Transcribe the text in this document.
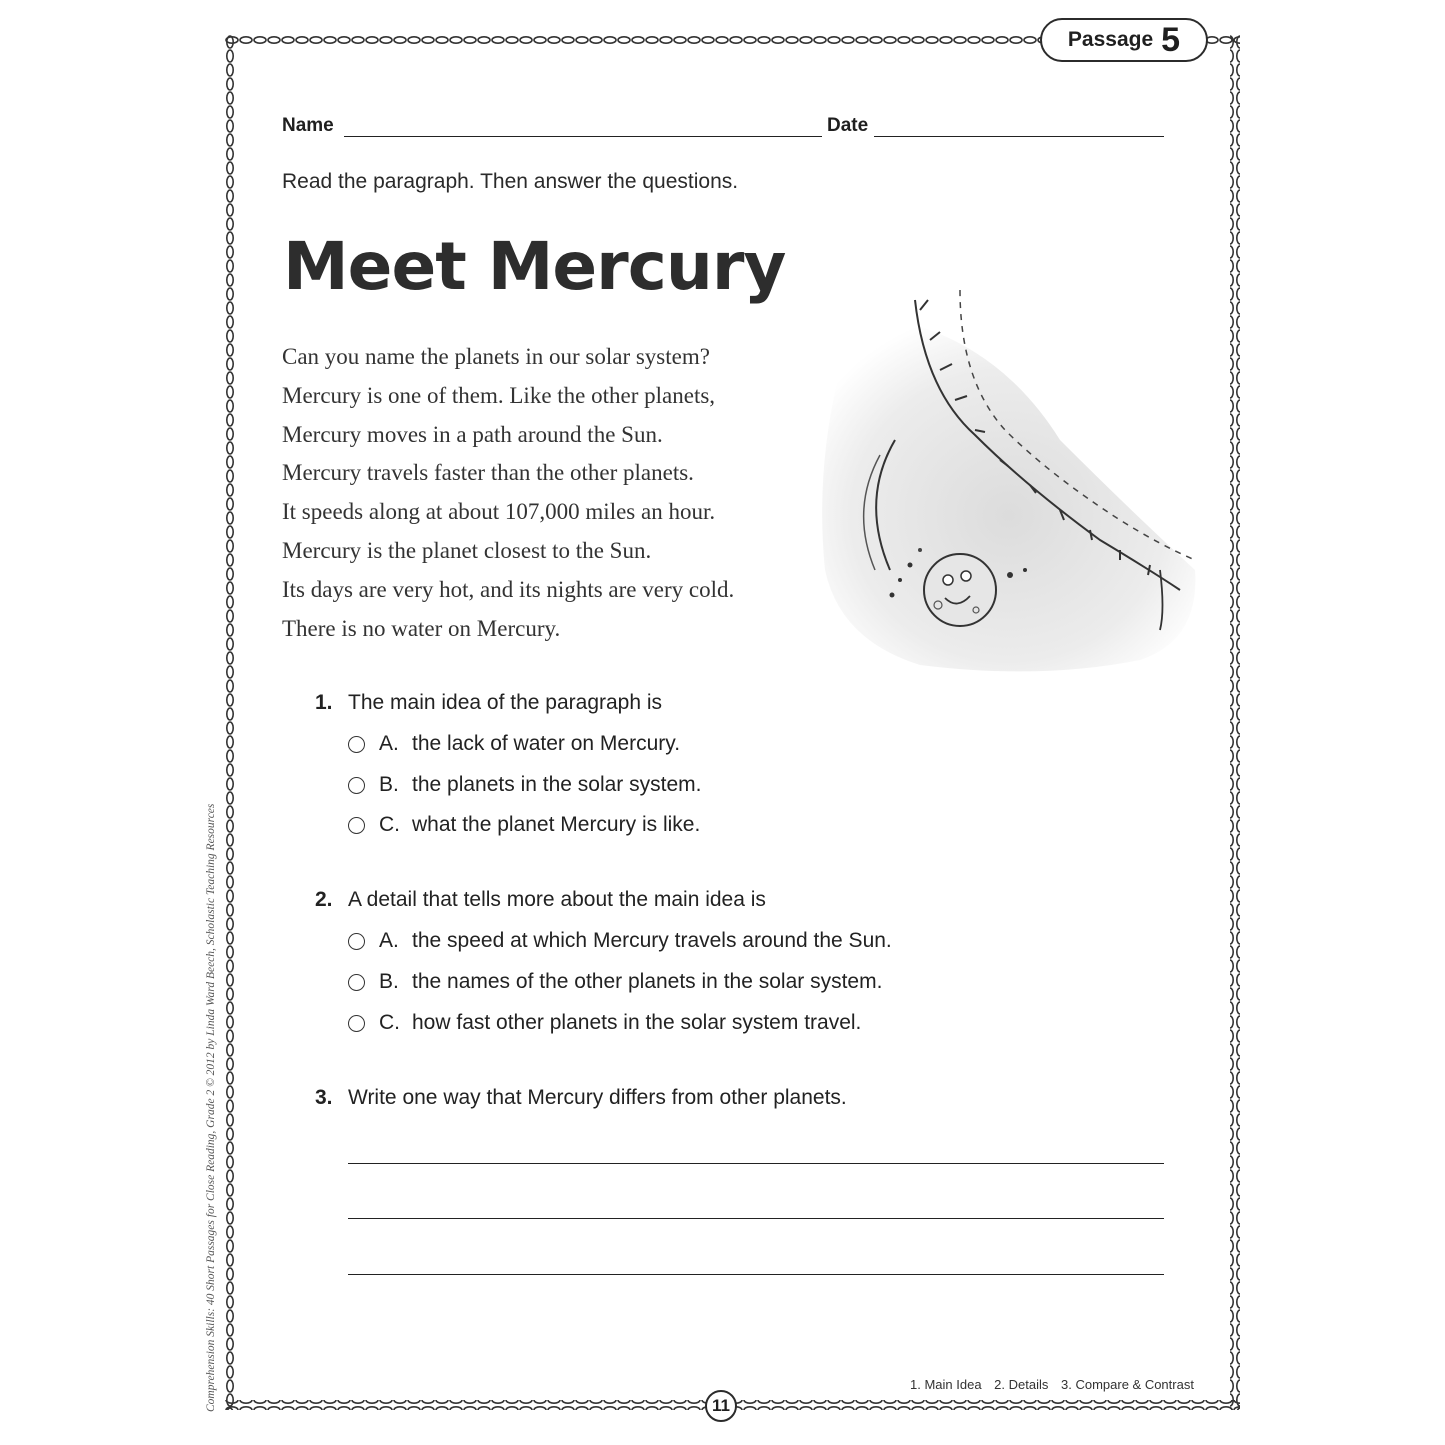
Passage 5
Name	Date
Read the paragraph. Then answer the questions.
Meet Mercury
Can you name the planets in our solar system?
Mercury is one of them. Like the other planets,
Mercury moves in a path around the Sun.
Mercury travels faster than the other planets.
It speeds along at about 107,000 miles an hour.
Mercury is the planet closest to the Sun.
Its days are very hot, and its nights are very cold.
There is no water on Mercury.
1. The main idea of the paragraph is
A. the lack of water on Mercury.
B. the planets in the solar system.
C. what the planet Mercury is like.
2. A detail that tells more about the main idea is
A. the speed at which Mercury travels around the Sun.
B. the names of the other planets in the solar system.
C. how fast other planets in the solar system travel.
3. Write one way that Mercury differs from other planets.
1. Main Idea 2. Details 3. Compare & Contrast
11
Comprehension Skills: 40 Short Passages for Close Reading, Grade 2 © 2012 by Linda Ward Beech, Scholastic Teaching Resources
